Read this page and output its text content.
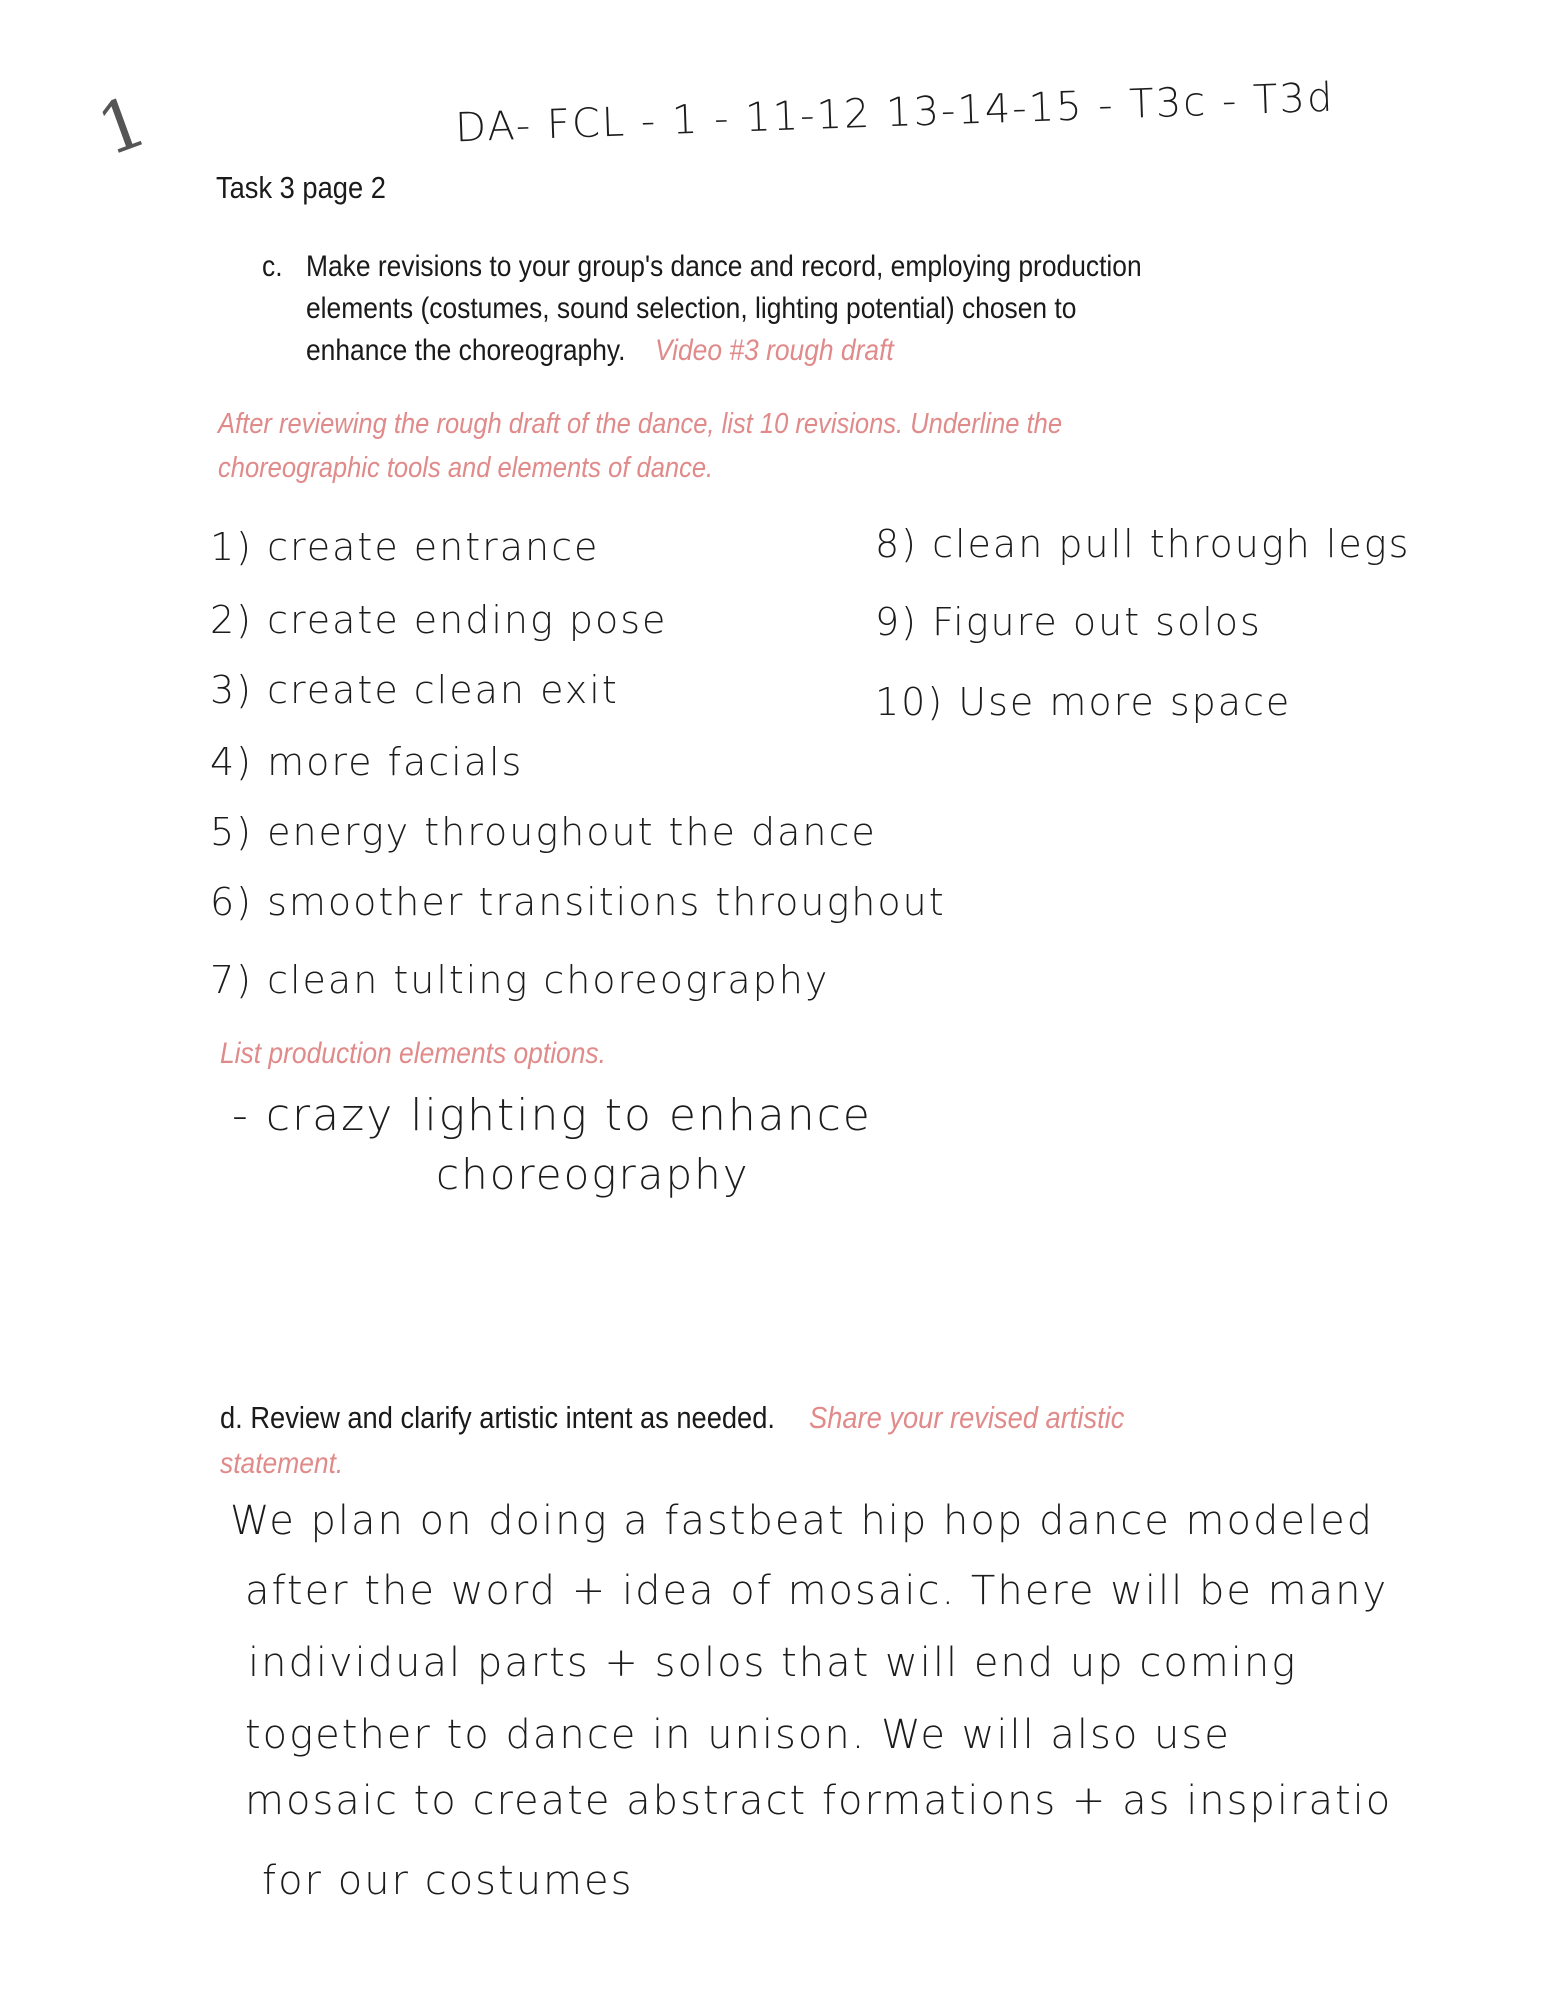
1	DA- FCL - 1 - 11-12 13-14-15 - T3c - T3d
Task 3 page 2
c. Make revisions to your group's dance and record, employing production
elements (costumes, sound selection, lighting potential) chosen to
enhance the choreography. Video #3 rough draft
After reviewing the rough draft of the dance, list 10 revisions. Underline the
choreographic tools and elements of dance.
1) create entrance
2) create ending pose
3) create clean exit
4) more facials
5) energy throughout the dance
6) smoother transitions throughout
7) clean tulting choreography
8) clean pull through legs
9) Figure out solos
10) Use more space
List production elements options.
- crazy lighting to enhance
choreography
d. Review and clarify artistic intent as needed. Share your revised artistic
statement.
We plan on doing a fastbeat hip hop dance modeled
after the word + idea of mosaic. There will be many
individual parts + solos that will end up coming
together to dance in unison. We will also use
mosaic to create abstract formations + as inspiratio
for our costumes
